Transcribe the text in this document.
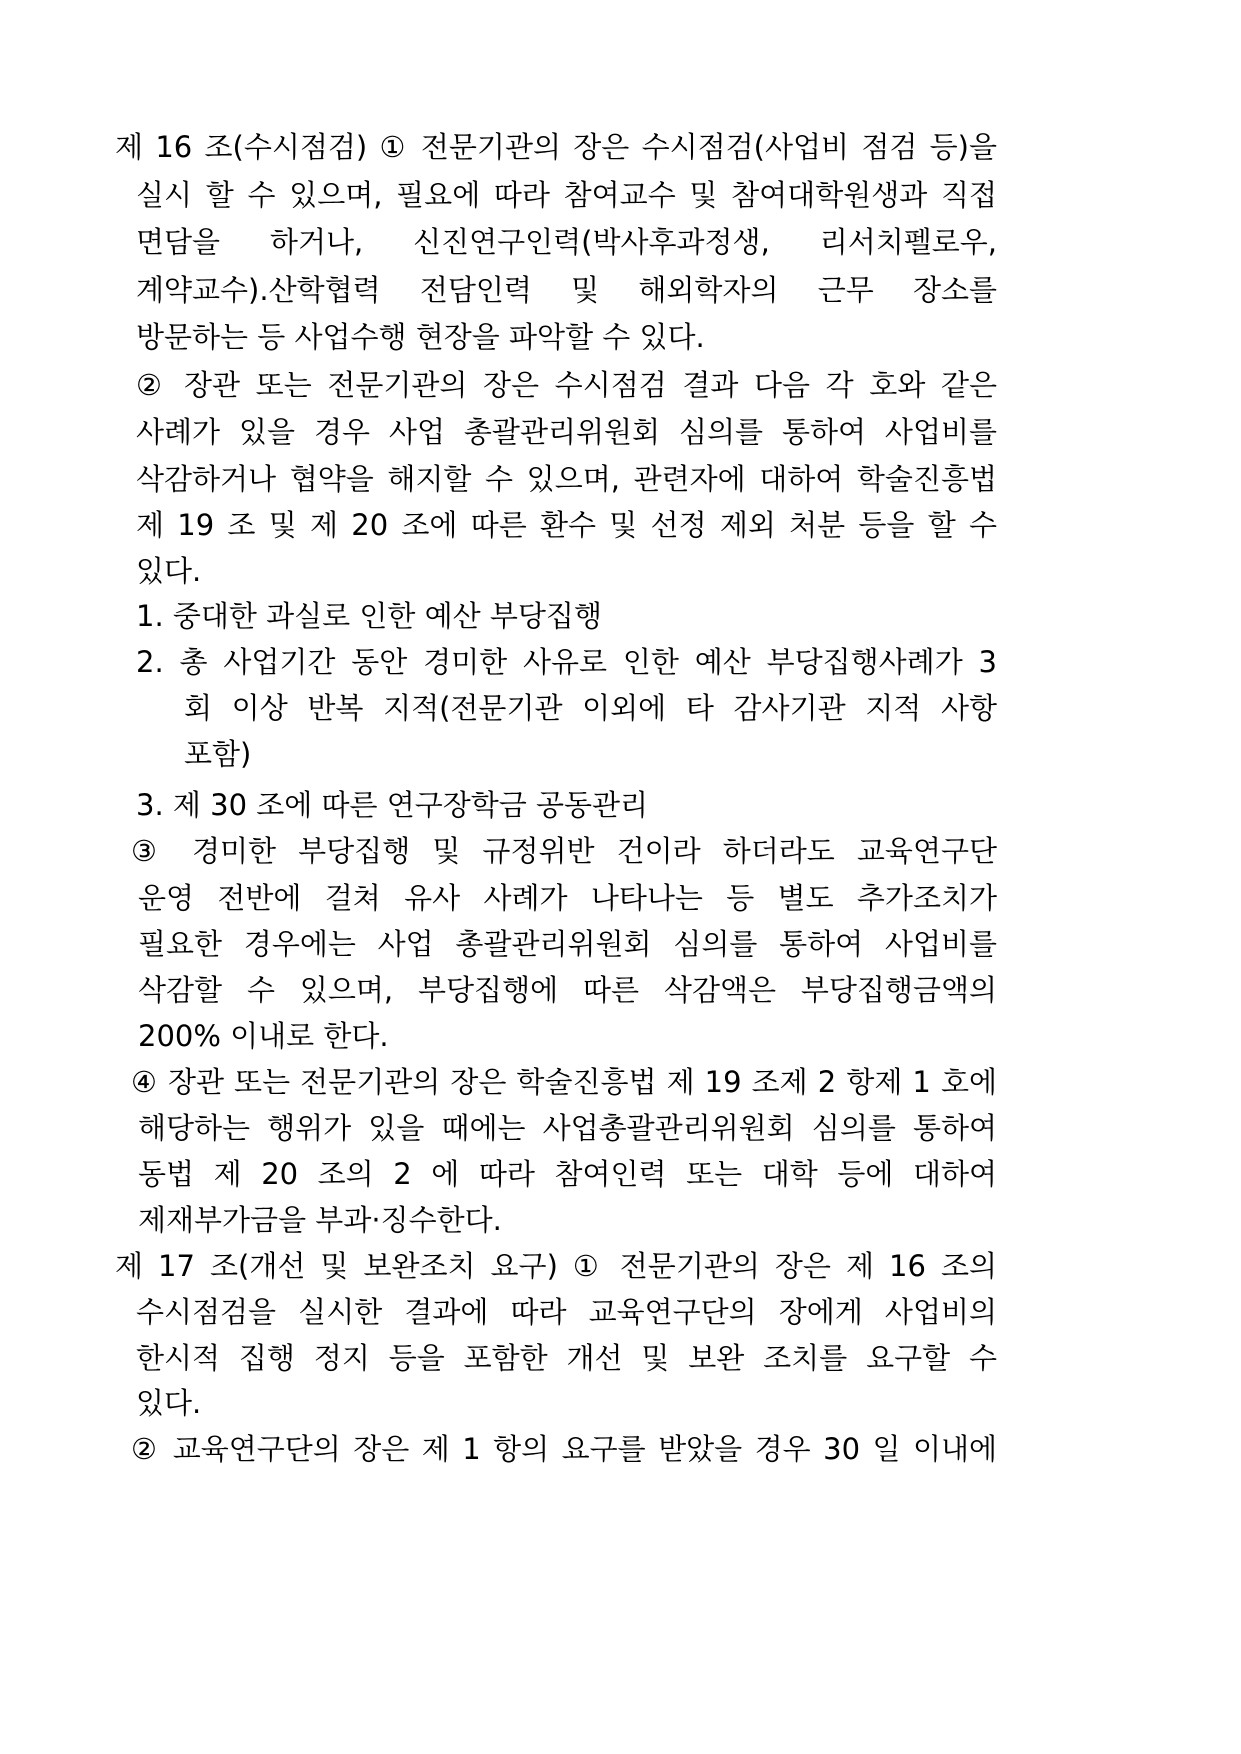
제 16 조(수시점검) ① 전문기관의 장은 수시점검(사업비 점검 등)을
실시 할 수 있으며, 필요에 따라 참여교수 및 참여대학원생과 직접
면담을 하거나, 신진연구인력(박사후과정생, 리서치펠로우,
계약교수).산학협력 전담인력 및 해외학자의 근무 장소를
방문하는 등 사업수행 현장을 파악할 수 있다.
② 장관 또는 전문기관의 장은 수시점검 결과 다음 각 호와 같은
사례가 있을 경우 사업 총괄관리위원회 심의를 통하여 사업비를
삭감하거나 협약을 해지할 수 있으며, 관련자에 대하여 학술진흥법
제 19 조 및 제 20 조에 따른 환수 및 선정 제외 처분 등을 할 수
있다.
1. 중대한 과실로 인한 예산 부당집행
2. 총 사업기간 동안 경미한 사유로 인한 예산 부당집행사례가 3
회 이상 반복 지적(전문기관 이외에 타 감사기관 지적 사항
포함)
3. 제 30 조에 따른 연구장학금 공동관리
③ 경미한 부당집행 및 규정위반 건이라 하더라도 교육연구단
운영 전반에 걸쳐 유사 사례가 나타나는 등 별도 추가조치가
필요한 경우에는 사업 총괄관리위원회 심의를 통하여 사업비를
삭감할 수 있으며, 부당집행에 따른 삭감액은 부당집행금액의
200% 이내로 한다.
④ 장관 또는 전문기관의 장은 학술진흥법 제 19 조제 2 항제 1 호에
해당하는 행위가 있을 때에는 사업총괄관리위원회 심의를 통하여
동법 제 20 조의 2 에 따라 참여인력 또는 대학 등에 대하여
제재부가금을 부과·징수한다.
제 17 조(개선 및 보완조치 요구) ① 전문기관의 장은 제 16 조의
수시점검을 실시한 결과에 따라 교육연구단의 장에게 사업비의
한시적 집행 정지 등을 포함한 개선 및 보완 조치를 요구할 수
있다.
② 교육연구단의 장은 제 1 항의 요구를 받았을 경우 30 일 이내에
